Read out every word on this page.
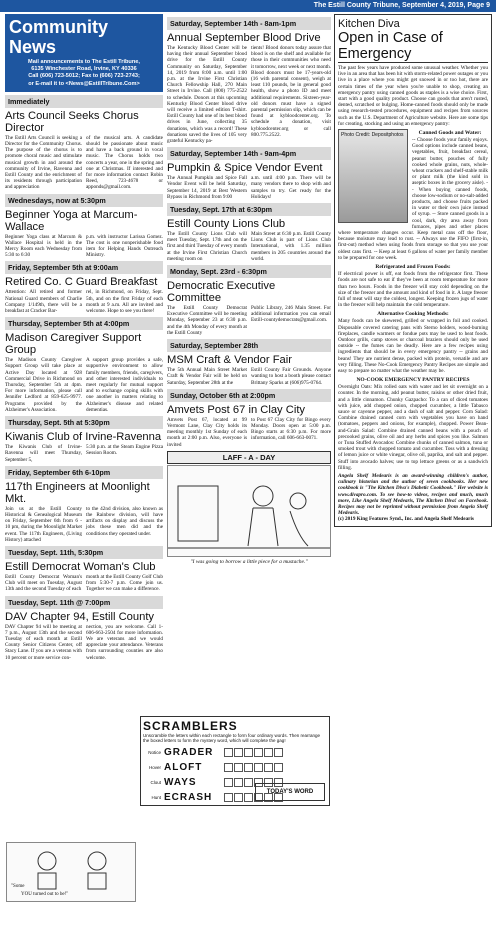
The Estill County Tribune, September 4, 2019, Page 9
Community News
Mail announcements to The Estill Tribune,
6135 Winchester Road, Irvine, KY 40336
Call (606) 723-5012; Fax to (606) 723-2743;
or E-mail it to <News@EstillTribune.Com>
Immediately
Arts Council Seeks Chorus Director
The Estill Arts Council is seeking a Director for the Community Chorus. The purpose of the chorus is to promote choral music and stimulate musical growth in and around the community of Irvine, Ravenna and Estill County and the enrichment of its residents through participation and appreciation
of the musical arts. A candidate should be passionate about music and have a back ground in vocal music. The Chorus holds two concerts a year, one in the spring and one at Christmas. If interested and for more information contact Robin Reed, 723-4678 or apponds@gmail.com.
Wednesdays, now at 5:30pm
Beginner Yoga at Marcum-Wallace
Beginner Yoga class at Marcum & Wallace Hospital is held in the Mercy Room each Wednesday from 5:30 to 6:30
p.m. with instructor Larissa Gomez. The cost is one nonperishable food item for Helping Hands Outreach Ministry.
Friday, September 5th at 9:00am
Retired Co. C Guard Breakfast
Attention: All retired and former National Guard members of Charlie Company 1/149th, there will be a breakfast at Cracker Bar-
rel, in Richmond, on Friday, Sept. 5th, and on the first Friday of each month at 9 a.m. All are invited and welcome. Hope to see you there!
Thursday, September 5th at 4:00pm
Madison Caregiver Support Group
The Madison County Caregiver Support Group will take place at Active Day located at 928 Commercial Drive in Richmond on Thursday, September 5th at 4pm. For more information, please call Jennifer Ledford at 859-625-9977. Programs provided by the Alzheimer's Association.
A support group provides a safe, supportive environment to allow family members, friends, caregivers, and other interested individuals to meet regularly for mutual support and to exchange coping skills with one another in matters relating to Alzheimer's disease and related dementias.
Thursday, Sept. 5th at 5:30pm
Kiwanis Club of Irvine-Ravenna
The Kiwanis Club of Irvine-Ravenna will meet Thursday, September 5,
5:30 p.m. at the Steam Engine Pizza Session Room.
Friday, September 6th 6-10pm
117th Engineers at Moonlight Mkt.
Join us at the Estill County Historical & Genealogical Museum on Friday, September 6th from 6 - 10 pm, during the Moonlight Market event. The 117th Engineers, (Living History) attached
to the 42nd division, also known as the Rainbow division, will have artifacts on display and discuss the jobs these men did and the conditions they operated under.
Tuesday, Sept. 11th, 5:30pm
Estill Democrat Woman's Club
Estill County Democrat Woman's Club will meet on Tuesday, August 13th and the second Tuesday of each
month at the Estill County Golf Club from 5:30-7 p.m. Come join us. Together we can make a difference.
Tuesday, Sept. 11th @ 7:00pm
DAV Chapter 94, Estill County
DAV Chapter 94 will be meeting at 7 p.m., August 13th and the second Tuesday of each month at Estill County Senior Citizens Center, off Stacy Lane. If you are a veteran with 10 percent or more service con-
nection, you are welcome. Call 1-606-663-2504 for more information. We are veterans and we would appreciate your attendance. Veterans from surrounding counties are also welcome.
Saturday, September 14th - 8am-1pm
Annual September Blood Drive
The Kentucky Blood Center will be having their annual September blood drive for the Estill County Community on Saturday, September 14, 2019 from 8:00 a.m. until 1:00 p.m. at the Irvine First Christian Church Fellowship Hall, 270 Main Street in Irvine. Call (800) 775-2522 to schedule. Donors at this upcoming Kentucky Blood Center blood drive will receive a limited edition T-shirt. Estill County had one of its best blood drives in June, collecting 35 donations, which was a record! These donations saved the lives of 105 very grateful Kentucky pa-
tients! Blood donors today assure that blood is on the shelf and available for those in their communities who need it tomorrow, next week or next month. Blood donors must be 17-years-old (16 with parental consent), weigh at least 110 pounds, be in general good health, show a photo ID and meet additional requirements. Sixteen-year-old donors must have a signed parental permission slip, which can be found at kybloodcenter.org. To schedule a donation, visit kybloodcenter.org or call 800.775.2522.
Saturday, September 14th - 9am-4pm
Pumpkin & Spice Vendor Event
The Annual Pumpkin and Spice Fall Vendor Event will be held Saturday, September 14, 2019 at Best Western Bypass in Richmond from 9:00
a.m. until 4:00 p.m. There will be many vendors there to shop with and samples to try. Get ready for the Holidays!
Tuesday, Sept. 17th at 6:30pm
Estill County Lions Club
The Estill County Lions Club will meet Tuesday, Sept. 17th and on the first and third Tuesday of every month at the Irvine First Christian Church meeting room on
Main Street at 6:30 p.m. Estill County Lions Club is part of Lions Club International, with 1.35 million members in 205 countries around the world.
Monday, Sept. 23rd - 6:30pm
Democratic Executive Committee
The Estill County Democrat Executive Committee will be meeting Monday, September 23 at 6:30 p.m. and the 4th Monday of every month at the Estill County
Public Library, 246 Main Street. For additional information you can email Estill-countydemocrats@gmail.com.
Saturday, September 28th
MSM Craft & Vendor Fair
The 5th Annual Main Street Market Craft & Vendor Fair will be held on Saturday, September 28th at the
Estill County Fair Grounds. Anyone wanting to host a booth please contact Brittany Sparks at (606)975-0764.
Sunday, October 6th at 2:00pm
Amvets Post 67 in Clay City
Amvets Post 67, located at 99 Vermont Lane, Clay City holds its meeting monthly 1st Sunday of each month at 2:00 p.m. Also, everyone is invited
to Post 67 Clay City for Bingo every Monday. Doors open at 5:00 p.m. Bingo starts at 6:30 p.m. For more information, call 606-663-0071.
LAFF - A - DAY
"I was going to borrow a little piece for a mustache."
Kitchen Diva
Open in Case of Emergency
The past few years have produced some unusual weather. Whether you live in an area that has been hit with storm-related power outages or you live in a place where you might get snowed in or too hot, there are certain times of the year when you're unable to shop, creating an emergency pantry using canned goods as staples is a wise choice. First, start with a good quality product. Choose can goods that aren't rusted, dented, scratched or bulging. Home-canned foods should only be made using research-tested procedures, equipment and recipes from sources such as the U.S. Department of Agriculture website. Here are some tips for creating, stocking and using an emergency pantry:
Photo Credit: Depositphotos	Canned Goods and Water:
-- Choose foods your family enjoys. Good options include canned beans, vegetables, fruit, breakfast cereal, peanut butter, pouches of fully cooked whole grains, nuts, whole-wheat crackers and shelf-stable milk or plant milk (the kind sold in aseptic boxes in the grocery aisle). -- When buying canned foods, choose low-sodium or no-salt-added products, and choose fruits packed in water or their own juice instead of syrup. -- Store canned goods in a cool, dark, dry area away from furnaces, pipes and other places where temperature changes occur. Keep metal cans off the floor, because moisture may lead to rust. -- Always use the FIFO (first-in, first-out) method when using foods from storage so that you use your oldest cans first. -- Keep at least 6 gallons of water per family member to be prepared for one week.
Refrigerated and Frozen Foods:
If electrical power is off, eat foods from the refrigerator first. These foods are not safe to eat if they've been at room temperature for more than two hours. Foods in the freezer will stay cold depending on the size of the freezer and the amount and kind of food in it. A large freezer full of meat will stay the coldest, longest. Keeping frozen jugs of water in the freezer will help maintain the cold temperature.
Alternative Cooking Methods:
Many foods can be skewered, grilled or wrapped in foil and cooked. Disposable covered catering pans with Sterno holders, wood-burning fireplaces, candle warmers or fondue pots may be used to heat foods. Outdoor grills, camp stoves or charcoal braziers should only be used outside -- the fumes can be deadly. Here are a few recipes using ingredients that should be in every emergency pantry -- grains and beans! They are nutrient dense, packed with protein, versatile and are very filling. These No-Cook Emergency Pantry Recipes are simple and easy to prepare no matter what the weather may be.
NO-COOK EMERGENCY PANTRY RECIPES
Overnight Oats: Mix rolled oats with water and let sit overnight on a counter. In the morning, add peanut butter, raisins or other dried fruit, and a little cinnamon. Chunky Gazpacho: To a can of diced tomatoes with juice, add chopped onion, chopped cucumber, a little Tabasco sauce or cayenne pepper, and a dash of salt and pepper. Corn Salad: Combine drained canned corn with vegetables you have on hand (tomatoes, peppers and onions, for example), chopped. Power Bean-and-Grain Salad: Combine drained canned beans with a pouch of precooked grains, olive oil and any herbs and spices you like. Salmon or Tuna Stuffed Avocados: Combine chunks of canned salmon, tuna or smoked trout with chopped tomato and cucumber. Toss with a dressing of lemon juice or white vinegar, olive oil, paprika, and salt and pepper. Stuff into avocado halves; use to top lettuce greens or as a sandwich filling.
Angela Shelf Medearis is an award-winning children's author, culinary historian and the author of seven cookbooks. Her new cookbook is "The Kitchen Diva's Diabetic Cookbook." Her website is www.divapro.com. To see how-to videos, recipes and much, much more, Like Angela Shelf Medearis, The Kitchen Diva! on Facebook. Recipes may not be reprinted without permission from Angela Shelf Medearis.
(c) 2019 King Features Synd., Inc. and Angela Shelf Medearis
"Some
YOU turned out to be!"
SCRAMBLERS
Unscramble the letters within each rectangle to form four ordinary words. Then rearrange the boxed letters to form the mystery word, which will complete the gag!
Notice GRADER
Hover ALOFT
Clout WAYS
Hunt ECRASH	TODAY'S WORD
